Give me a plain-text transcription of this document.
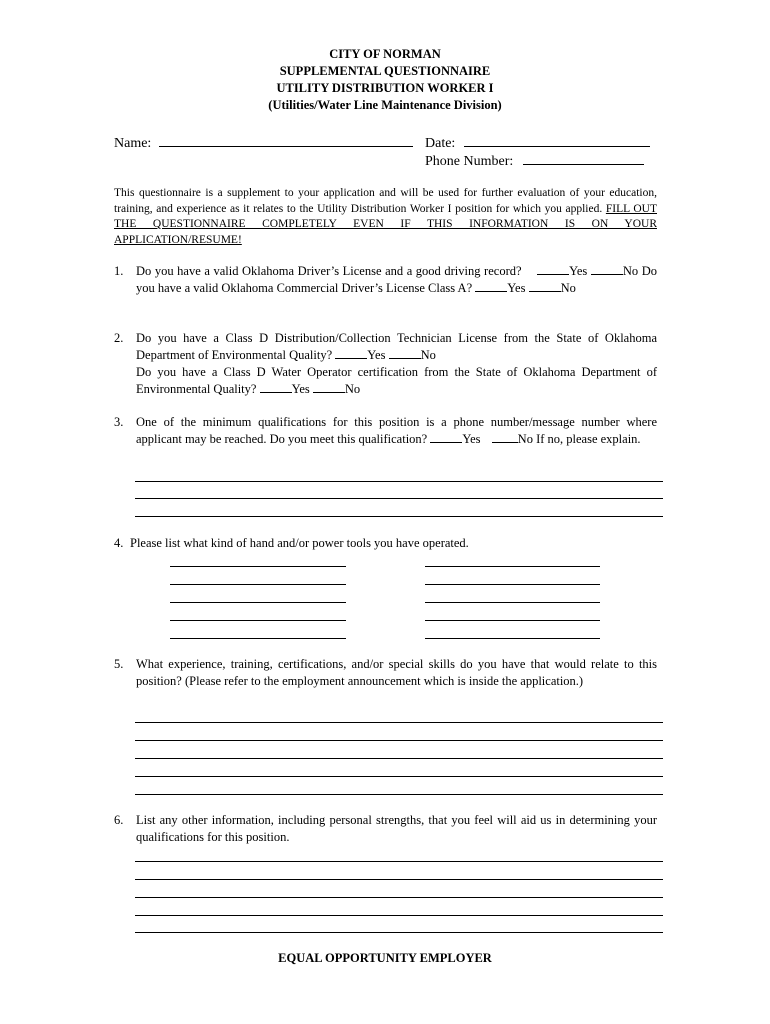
CITY OF NORMAN
SUPPLEMENTAL QUESTIONNAIRE
UTILITY DISTRIBUTION WORKER I
(Utilities/Water Line Maintenance Division)
Name:	Date:
Phone Number:
This questionnaire is a supplement to your application and will be used for further evaluation of your education, training, and experience as it relates to the Utility Distribution Worker I position for which you applied. FILL OUT THE QUESTIONNAIRE COMPLETELY EVEN IF THIS INFORMATION IS ON YOUR APPLICATION/RESUME!
1. Do you have a valid Oklahoma Driver’s License and a good driving record?	Yes	No Do you have a valid Oklahoma Commercial Driver’s License Class A?	Yes	No

2. Do you have a Class D Distribution/Collection Technician License from the State of Oklahoma Department of Environmental Quality?	Yes	No

Do you have a Class D Water Operator certification from the State of Oklahoma Department of Environmental Quality?	Yes	No

3. One of the minimum qualifications for this position is a phone number/message number where applicant may be reached. Do you meet this qualification?	Yes	No If no, please explain.

4. Please list what kind of hand and/or power tools you have operated.

5. What experience, training, certifications, and/or special skills do you have that would relate to this position? (Please refer to the employment announcement which is inside the application.)

6. List any other information, including personal strengths, that you feel will aid us in determining your qualifications for this position.

EQUAL OPPORTUNITY EMPLOYER
